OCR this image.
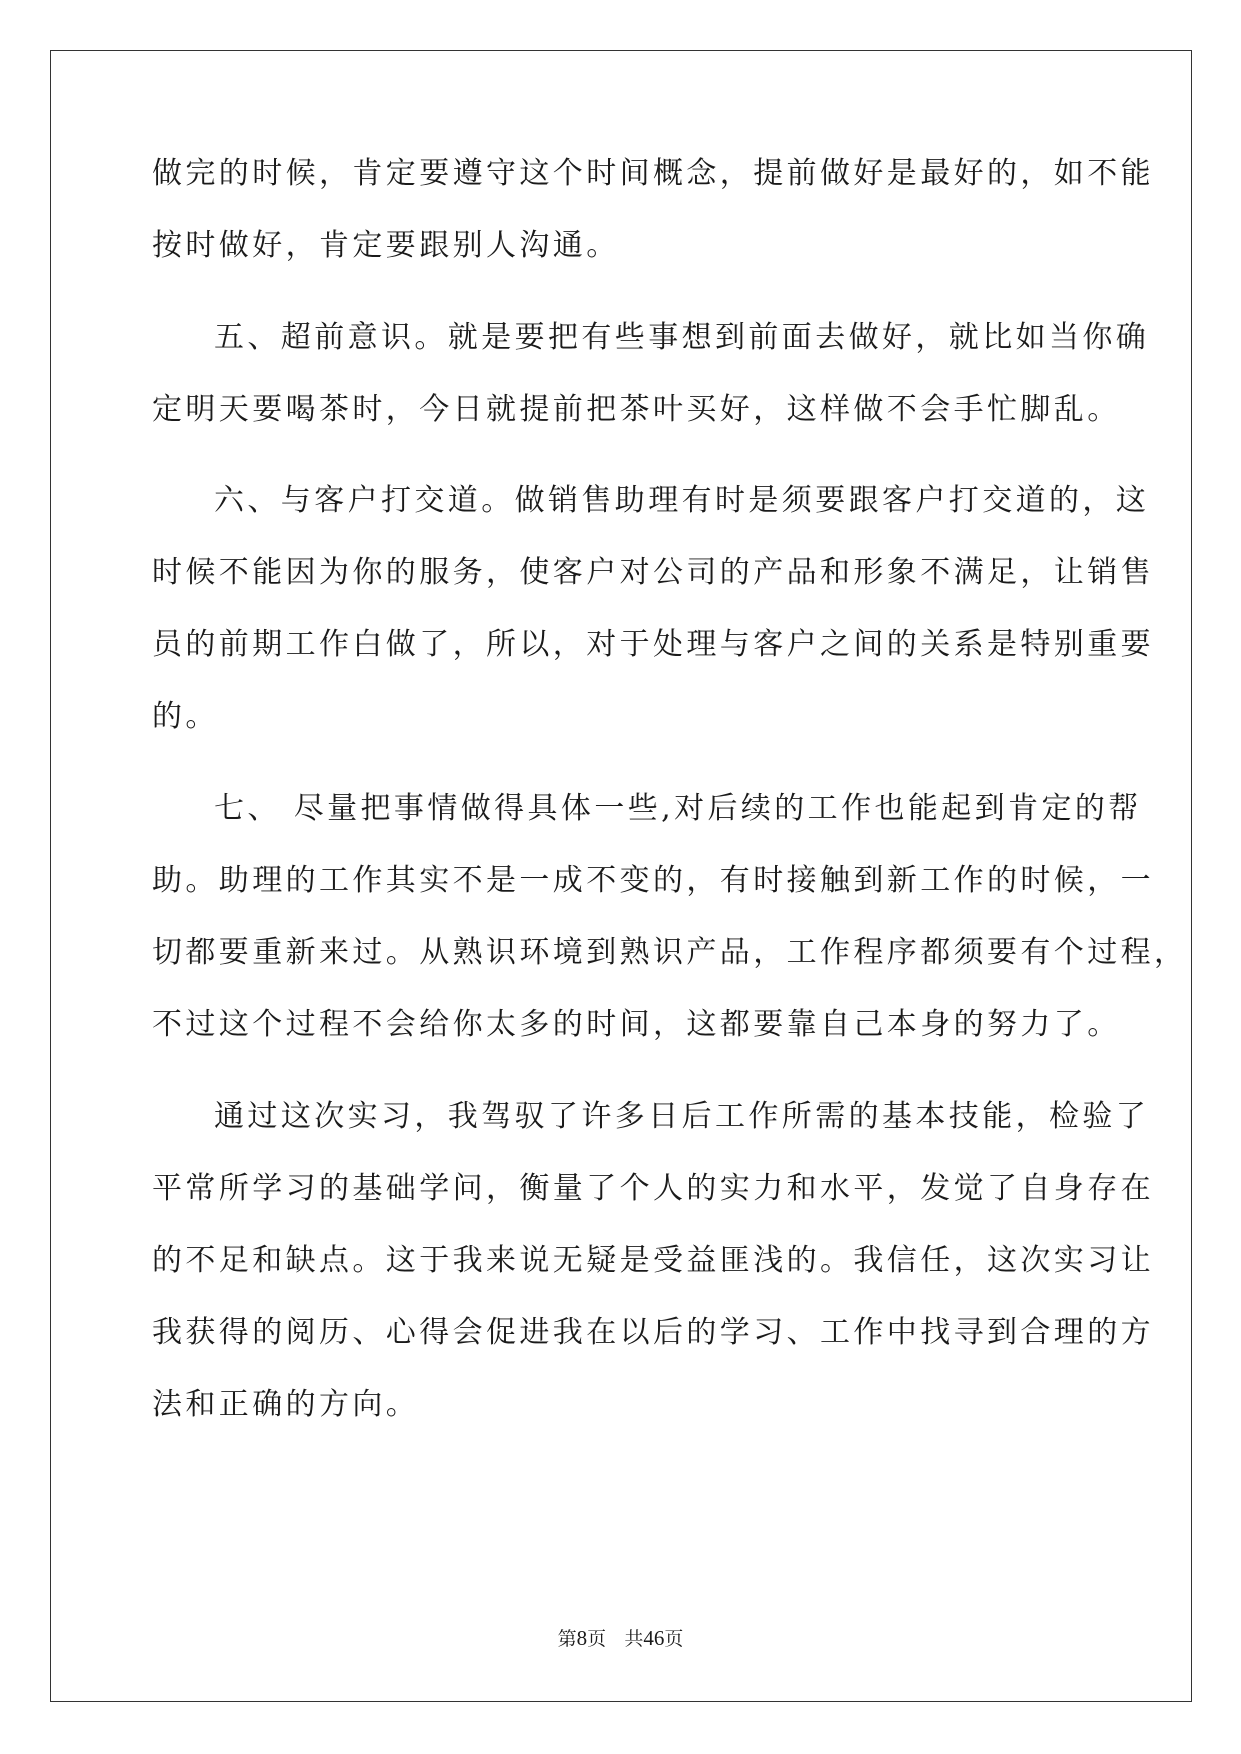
做完的时候，肯定要遵守这个时间概念，提前做好是最好的，如不能
按时做好，肯定要跟别人沟通。
五、超前意识。就是要把有些事想到前面去做好，就比如当你确
定明天要喝茶时，今日就提前把茶叶买好，这样做不会手忙脚乱。
六、与客户打交道。做销售助理有时是须要跟客户打交道的，这
时候不能因为你的服务，使客户对公司的产品和形象不满足，让销售
员的前期工作白做了，所以，对于处理与客户之间的关系是特别重要
的。
七、 尽量把事情做得具体一些,对后续的工作也能起到肯定的帮
助。助理的工作其实不是一成不变的，有时接触到新工作的时候，一
切都要重新来过。从熟识环境到熟识产品，工作程序都须要有个过程，
不过这个过程不会给你太多的时间，这都要靠自己本身的努力了。
通过这次实习，我驾驭了许多日后工作所需的基本技能，检验了
平常所学习的基础学问，衡量了个人的实力和水平，发觉了自身存在
的不足和缺点。这于我来说无疑是受益匪浅的。我信任，这次实习让
我获得的阅历、心得会促进我在以后的学习、工作中找寻到合理的方
法和正确的方向。
第8页 共46页
